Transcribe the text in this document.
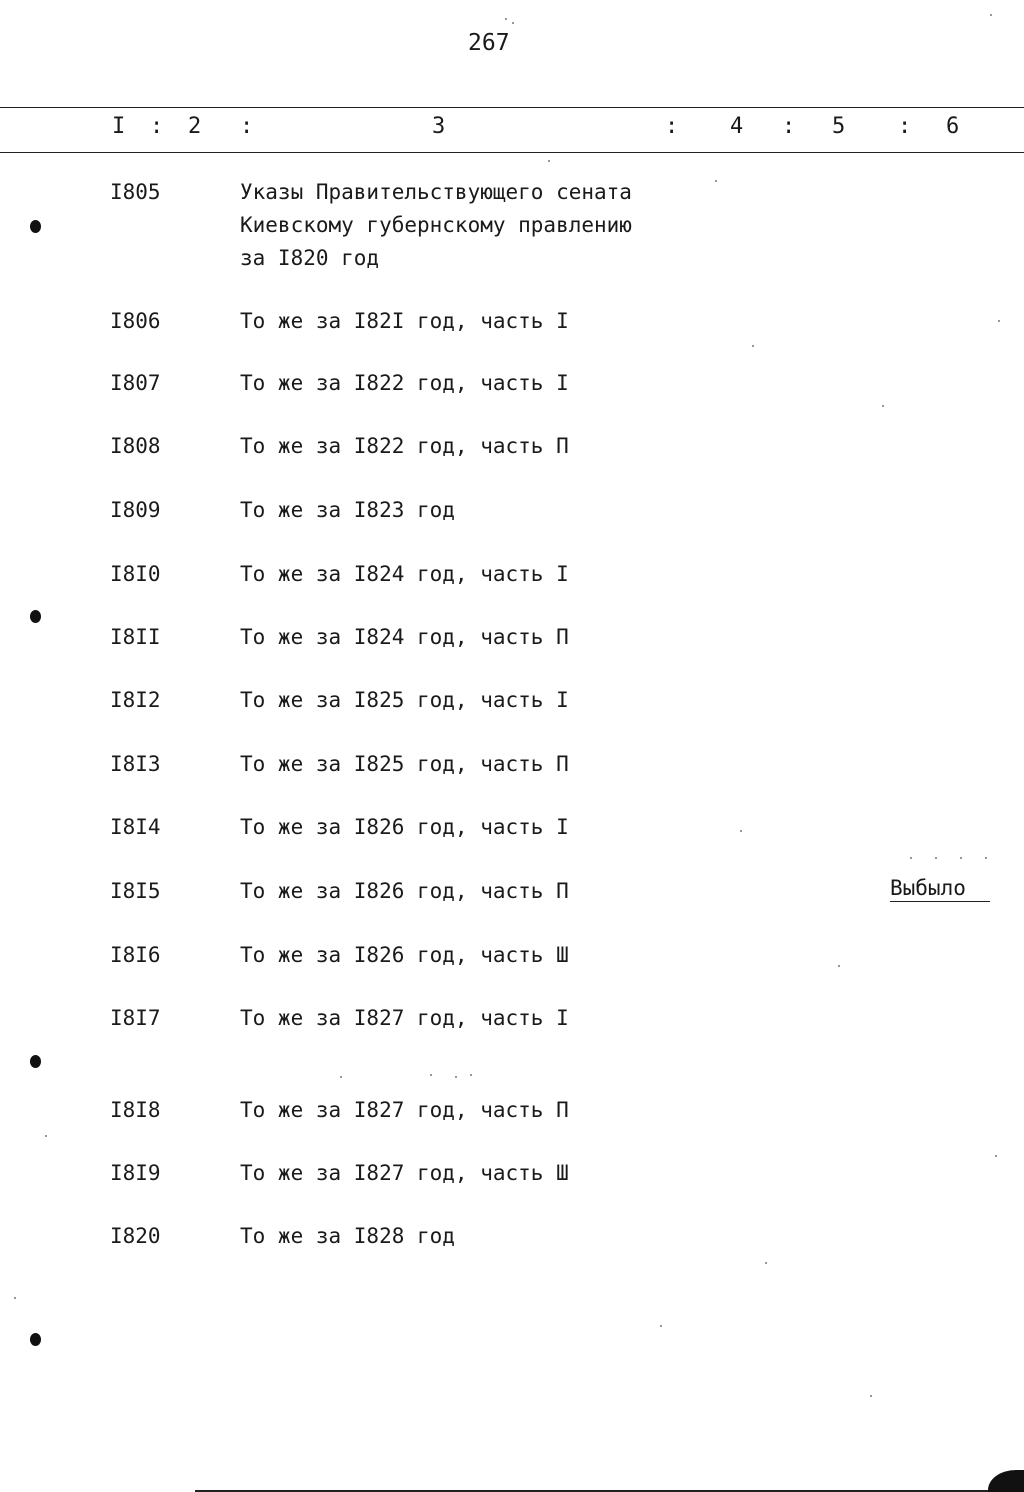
267
I : 2 :	3	: 4 : 5 : 6
I805	Указы Правительствующего сената
Киевскому губернскому правлению
за I820 год
I806	То же за I82I год, часть I
I807	То же за I822 год, часть I
I808	То же за I822 год, часть П
I809	То же за I823 год
I8I0	То же за I824 год, часть I
I8II	То же за I824 год, часть П
I8I2	То же за I825 год, часть I
I8I3	То же за I825 год, часть П
I8I4	То же за I826 год, часть I
I8I5	То же за I826 год, часть П	Выбыло
I8I6	То же за I826 год, часть Ш
I8I7	То же за I827 год, часть I
I8I8	То же за I827 год, часть П
I8I9	То же за I827 год, часть Ш
I820	То же за I828 год
